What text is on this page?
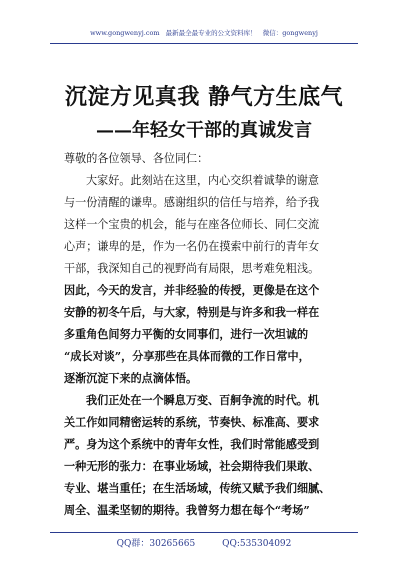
www.gongwenyj.com 最新最全最专业的公文资料库！ 微信：gongwenyj
沉淀方见真我 静气方生底气
——年轻女干部的真诚发言
尊敬的各位领导、各位同仁：
大家好。此刻站在这里，内心交织着诚挚的谢意
与一份清醒的谦卑。感谢组织的信任与培养，给予我
这样一个宝贵的机会，能与在座各位师长、同仁交流
心声；谦卑的是，作为一名仍在摸索中前行的青年女
干部，我深知自己的视野尚有局限，思考难免粗浅。
因此，今天的发言，并非经验的传授，更像是在这个
安静的初冬午后，与大家，特别是与许多和我一样在
多重角色间努力平衡的女同事们，进行一次坦诚的
“成长对谈”，分享那些在具体而微的工作日常中，
逐渐沉淀下来的点滴体悟。
我们正处在一个瞬息万变、百舸争流的时代。机
关工作如同精密运转的系统，节奏快、标准高、要求
严。身为这个系统中的青年女性，我们时常能感受到
一种无形的张力：在事业场域，社会期待我们果敢、
专业、堪当重任；在生活场域，传统又赋予我们细腻、
周全、温柔坚韧的期待。我曾努力想在每个“考场”
QQ群：30265665	QQ:535304092
